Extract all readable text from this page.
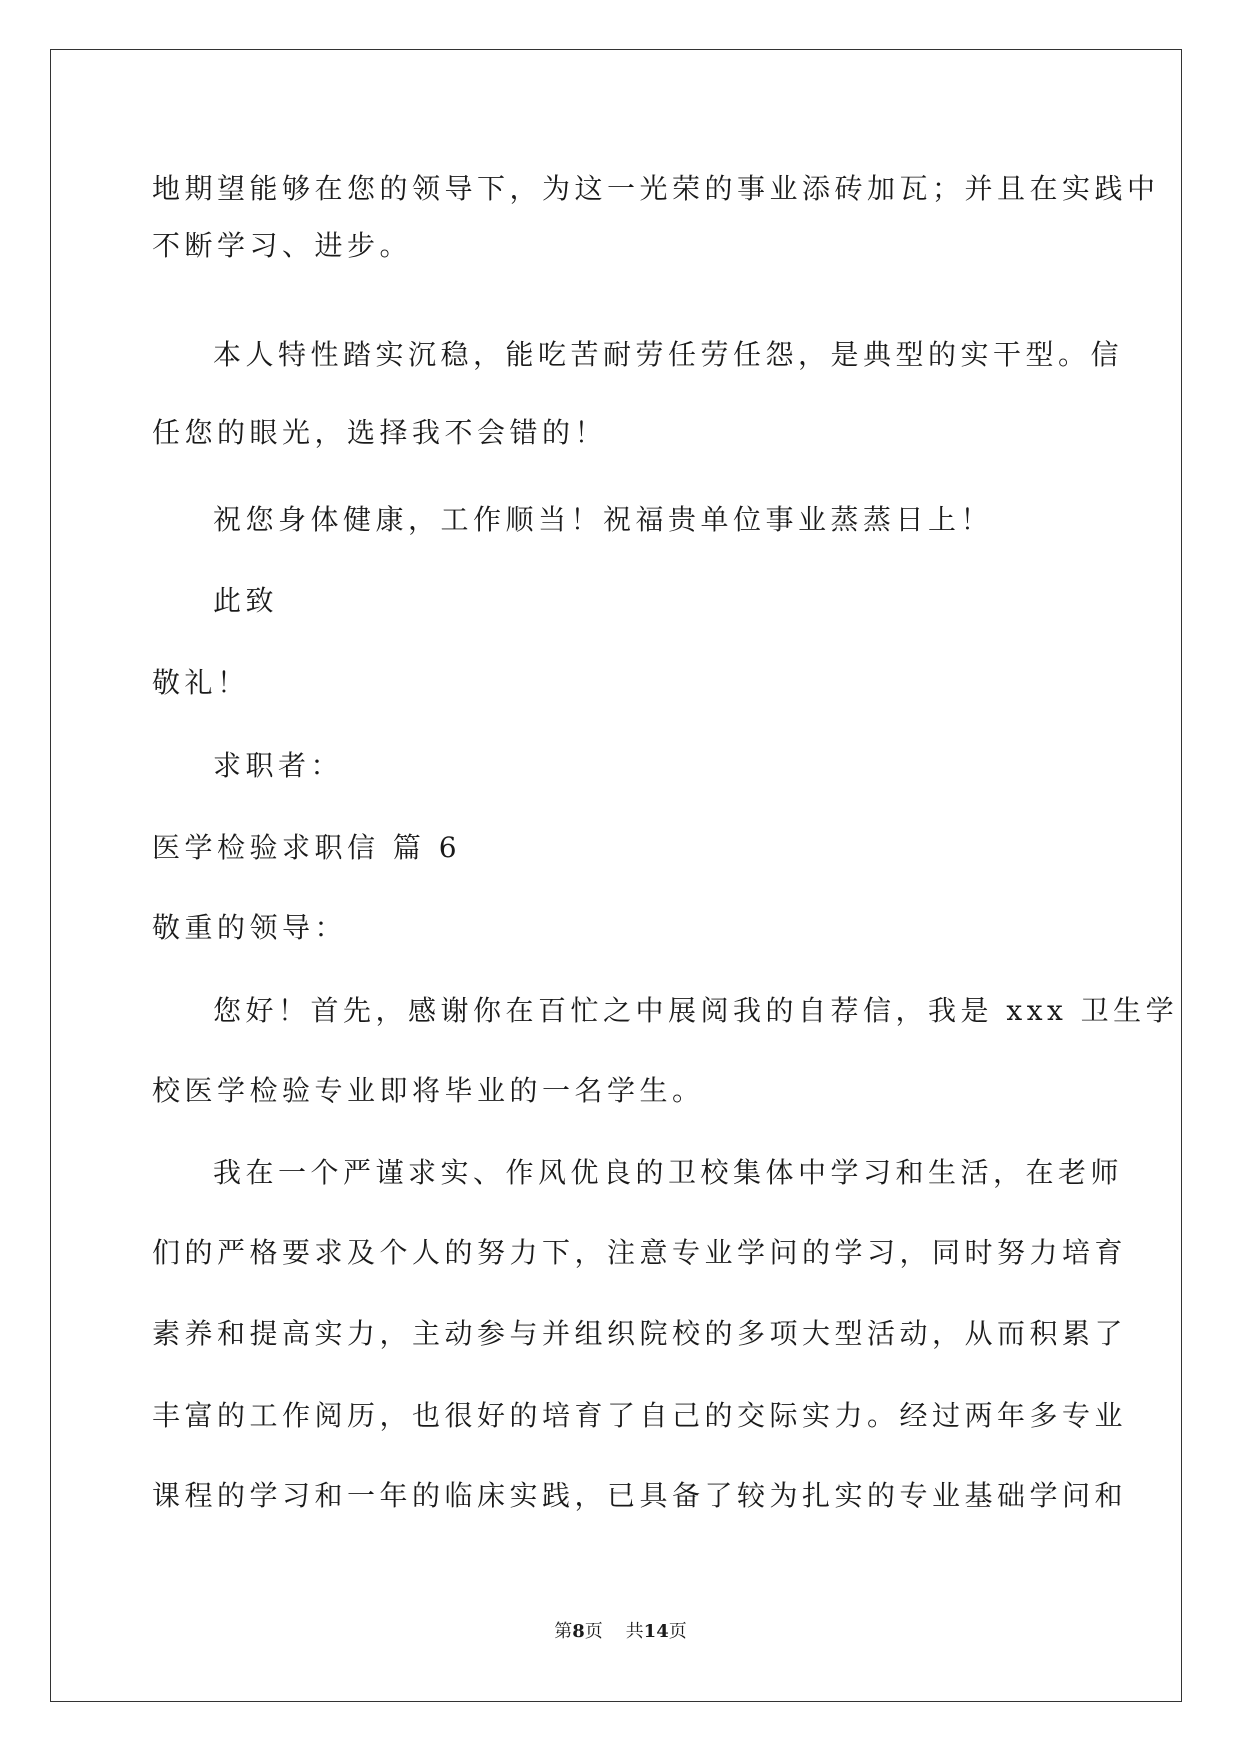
地期望能够在您的领导下，为这一光荣的事业添砖加瓦；并且在实践中
不断学习、进步。
本人特性踏实沉稳，能吃苦耐劳任劳任怨，是典型的实干型。信
任您的眼光，选择我不会错的！
祝您身体健康，工作顺当！祝福贵单位事业蒸蒸日上！
此致
敬礼！
求职者：
医学检验求职信 篇 6
敬重的领导：
您好！首先，感谢你在百忙之中展阅我的自荐信，我是 xxx 卫生学
校医学检验专业即将毕业的一名学生。
我在一个严谨求实、作风优良的卫校集体中学习和生活，在老师
们的严格要求及个人的努力下，注意专业学问的学习，同时努力培育
素养和提高实力，主动参与并组织院校的多项大型活动，从而积累了
丰富的工作阅历，也很好的培育了自己的交际实力。经过两年多专业
课程的学习和一年的临床实践，已具备了较为扎实的专业基础学问和
第8页    共14页
